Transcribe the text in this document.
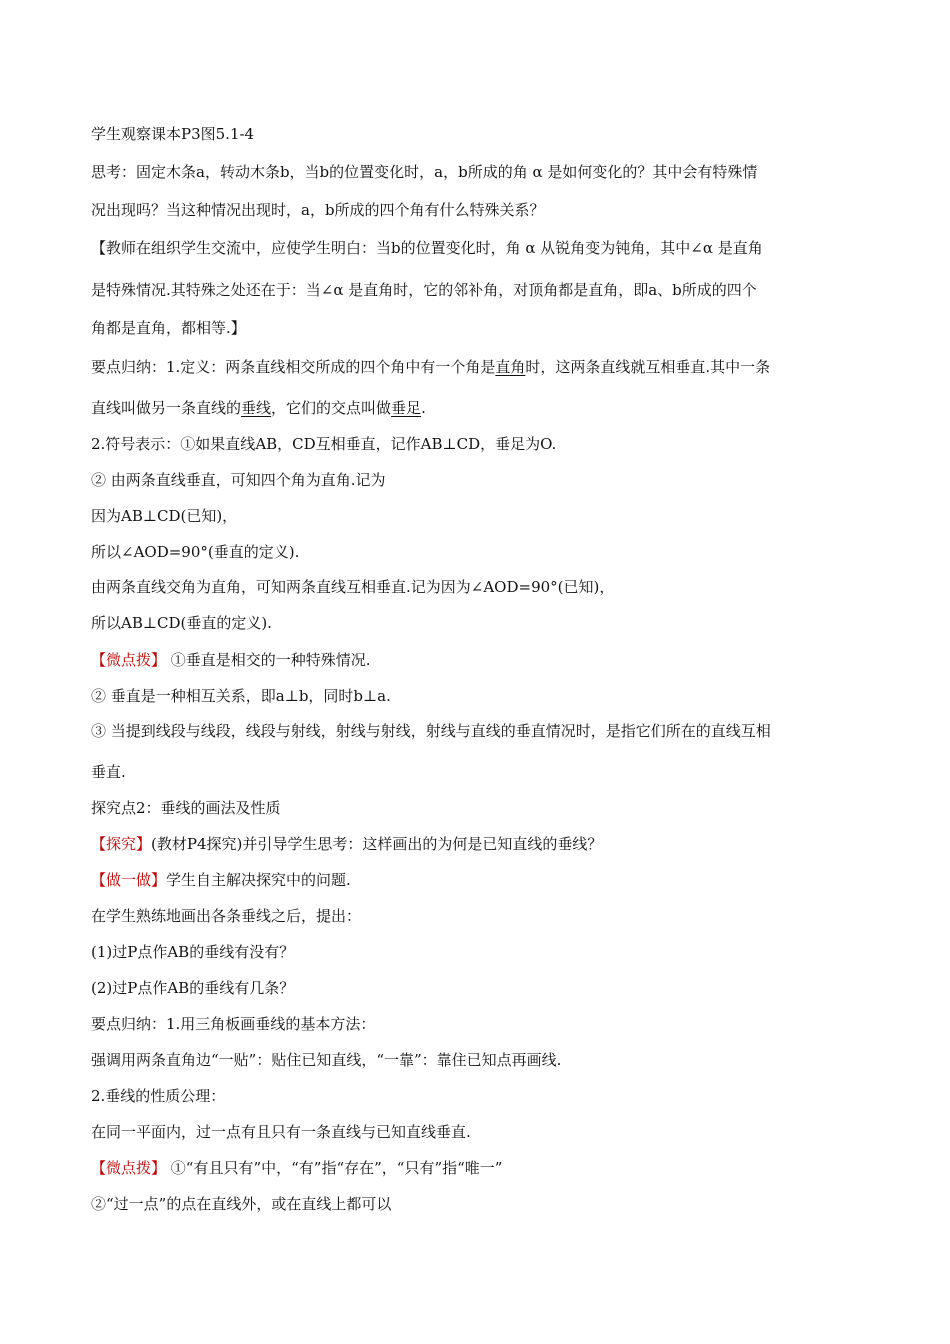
学生观察课本P3图5.1-4
思考：固定木条a，转动木条b，当b的位置变化时，a，b所成的角 α 是如何变化的？其中会有特殊情
况出现吗？当这种情况出现时，a，b所成的四个角有什么特殊关系？
【教师在组织学生交流中，应使学生明白：当b的位置变化时，角 α 从锐角变为钝角，其中∠α 是直角
是特殊情况.其特殊之处还在于：当∠α 是直角时，它的邻补角，对顶角都是直角，即a、b所成的四个
角都是直角，都相等.】
要点归纳：1.定义：两条直线相交所成的四个角中有一个角是直角时，这两条直线就互相垂直.其中一条
直线叫做另一条直线的垂线，它们的交点叫做垂足.
2.符号表示：①如果直线AB，CD互相垂直，记作AB⊥CD，垂足为O.
② 由两条直线垂直，可知四个角为直角.记为
因为AB⊥CD(已知)，
所以∠AOD=90°(垂直的定义).
由两条直线交角为直角，可知两条直线互相垂直.记为因为∠AOD=90°(已知)，
所以AB⊥CD(垂直的定义).
【微点拨】 ①垂直是相交的一种特殊情况.
② 垂直是一种相互关系，即a⊥b，同时b⊥a.
③ 当提到线段与线段，线段与射线，射线与射线，射线与直线的垂直情况时，是指它们所在的直线互相
垂直.
探究点2：垂线的画法及性质
【探究】(教材P4探究)并引导学生思考：这样画出的为何是已知直线的垂线？
【做一做】学生自主解决探究中的问题.
在学生熟练地画出各条垂线之后，提出：
(1)过P点作AB的垂线有没有？
(2)过P点作AB的垂线有几条？
要点归纳：1.用三角板画垂线的基本方法：
强调用两条直角边“一贴”：贴住已知直线，“一靠”：靠住已知点再画线.
2.垂线的性质公理：
在同一平面内，过一点有且只有一条直线与已知直线垂直.
【微点拨】 ①“有且只有”中，“有”指“存在”，“只有”指“唯一”
②“过一点”的点在直线外，或在直线上都可以
